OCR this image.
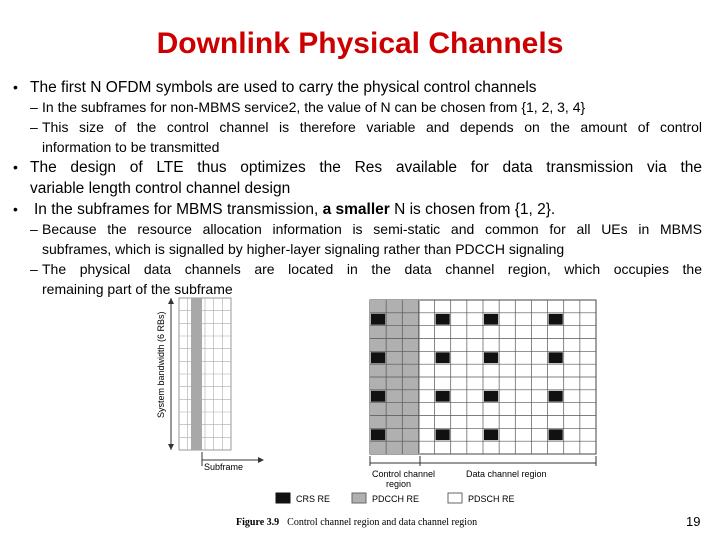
Downlink Physical Channels
• The first N OFDM symbols are used to carry the physical control channels
– In the subframes for non-MBMS service2, the value of N can be chosen from {1, 2, 3, 4}
– This size of the control channel is therefore variable and depends on the amount of control
information to be transmitted
• The design of LTE thus optimizes the Res available for data transmission via the
variable length control channel design
• In the subframes for MBMS transmission, a smaller N is chosen from {1, 2}.
– Because the resource allocation information is semi-static and common for all UEs in MBMS
subframes, which is signalled by higher-layer signaling rather than PDCCH signaling
– The physical data channels are located in the data channel region, which occupies the
remaining part of the subframe
System bandwidth (6 RBs)
Subframe
Control channel
region
Data channel region
CRS RE	PDCCH RE	PDSCH RE
Figure 3.9 Control channel region and data channel region	19
